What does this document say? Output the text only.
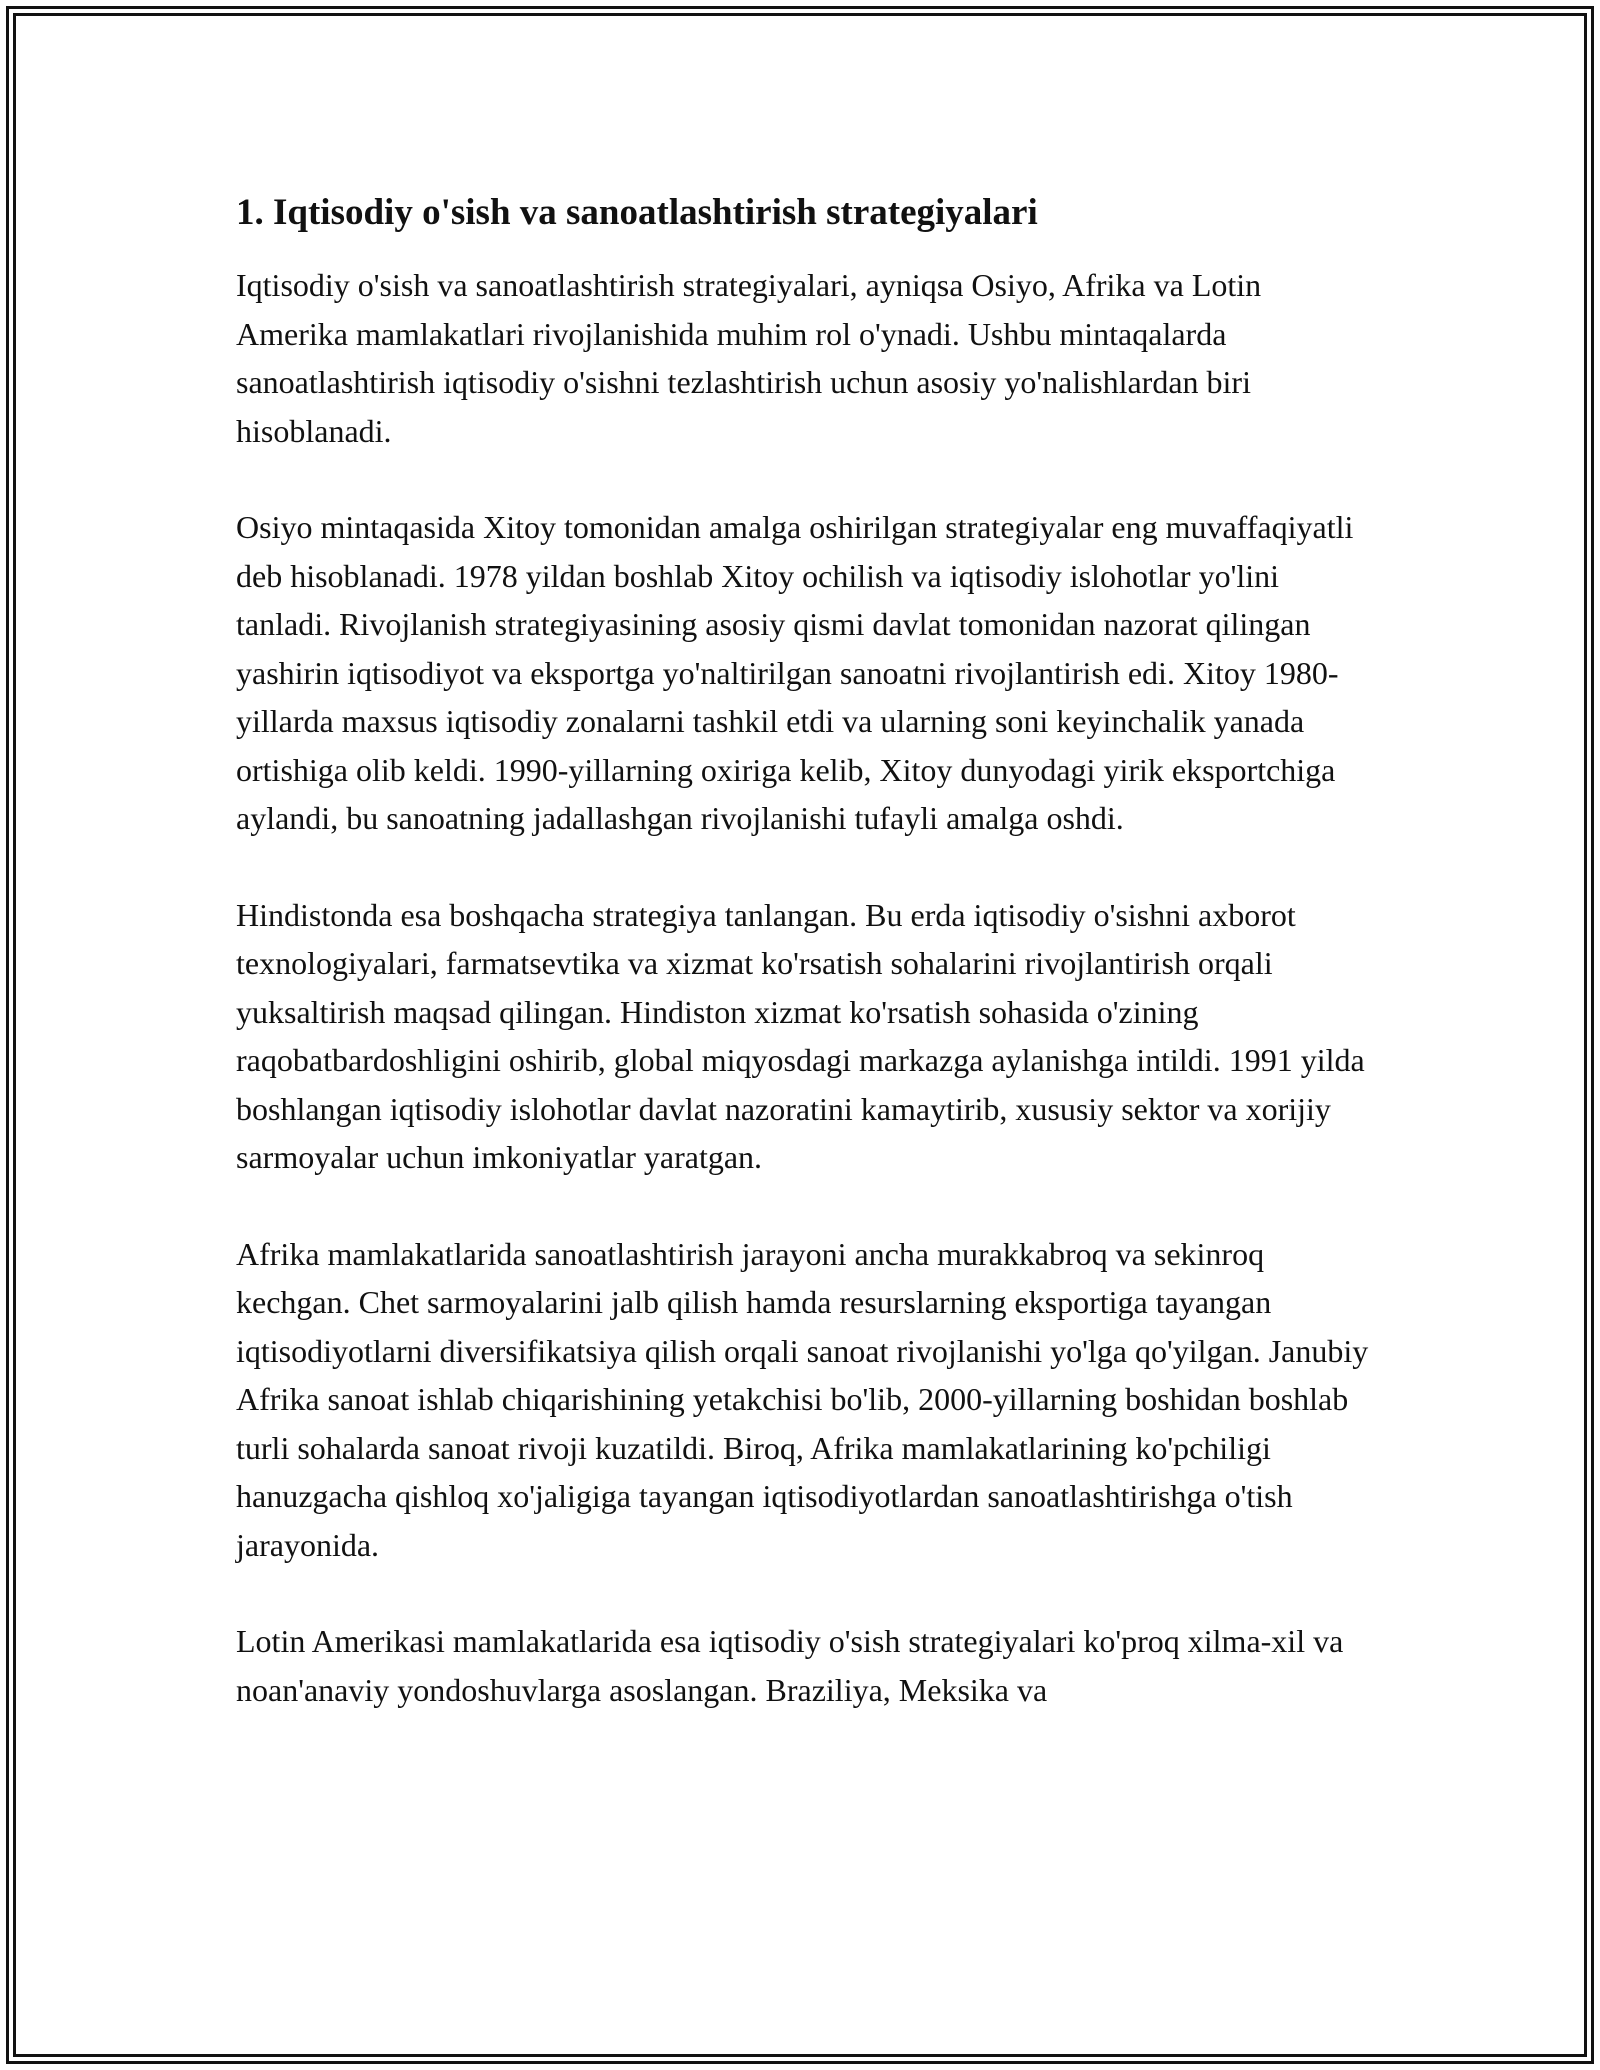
1. Iqtisodiy o'sish va sanoatlashtirish strategiyalari

Iqtisodiy o'sish va sanoatlashtirish strategiyalari, ayniqsa Osiyo, Afrika va Lotin Amerika mamlakatlari rivojlanishida muhim rol o'ynadi. Ushbu mintaqalarda sanoatlashtirish iqtisodiy o'sishni tezlashtirish uchun asosiy yo'nalishlardan biri hisoblanadi.

Osiyo mintaqasida Xitoy tomonidan amalga oshirilgan strategiyalar eng muvaffaqiyatli deb hisoblanadi. 1978 yildan boshlab Xitoy ochilish va iqtisodiy islohotlar yo'lini tanladi. Rivojlanish strategiyasining asosiy qismi davlat tomonidan nazorat qilingan yashirin iqtisodiyot va eksportga yo'naltirilgan sanoatni rivojlantirish edi. Xitoy 1980-yillarda maxsus iqtisodiy zonalarni tashkil etdi va ularning soni keyinchalik yanada ortishiga olib keldi. 1990-yillarning oxiriga kelib, Xitoy dunyodagi yirik eksportchiga aylandi, bu sanoatning jadallashgan rivojlanishi tufayli amalga oshdi.

Hindistonda esa boshqacha strategiya tanlangan. Bu erda iqtisodiy o'sishni axborot texnologiyalari, farmatsevtika va xizmat ko'rsatish sohalarini rivojlantirish orqali yuksaltirish maqsad qilingan. Hindiston xizmat ko'rsatish sohasida o'zining raqobatbardoshligini oshirib, global miqyosdagi markazga aylanishga intildi. 1991 yilda boshlangan iqtisodiy islohotlar davlat nazoratini kamaytirib, xususiy sektor va xorijiy sarmoyalar uchun imkoniyatlar yaratgan.

Afrika mamlakatlarida sanoatlashtirish jarayoni ancha murakkabroq va sekinroq kechgan. Chet sarmoyalarini jalb qilish hamda resurslarning eksportiga tayangan iqtisodiyotlarni diversifikatsiya qilish orqali sanoat rivojlanishi yo'lga qo'yilgan. Janubiy Afrika sanoat ishlab chiqarishining yetakchisi bo'lib, 2000-yillarning boshidan boshlab turli sohalarda sanoat rivoji kuzatildi. Biroq, Afrika mamlakatlarining ko'pchiligi hanuzgacha qishloq xo'jaligiga tayangan iqtisodiyotlardan sanoatlashtirishga o'tish jarayonida.

Lotin Amerikasi mamlakatlarida esa iqtisodiy o'sish strategiyalari ko'proq xilma-xil va noan'anaviy yondoshuvlarga asoslangan. Braziliya, Meksika va
